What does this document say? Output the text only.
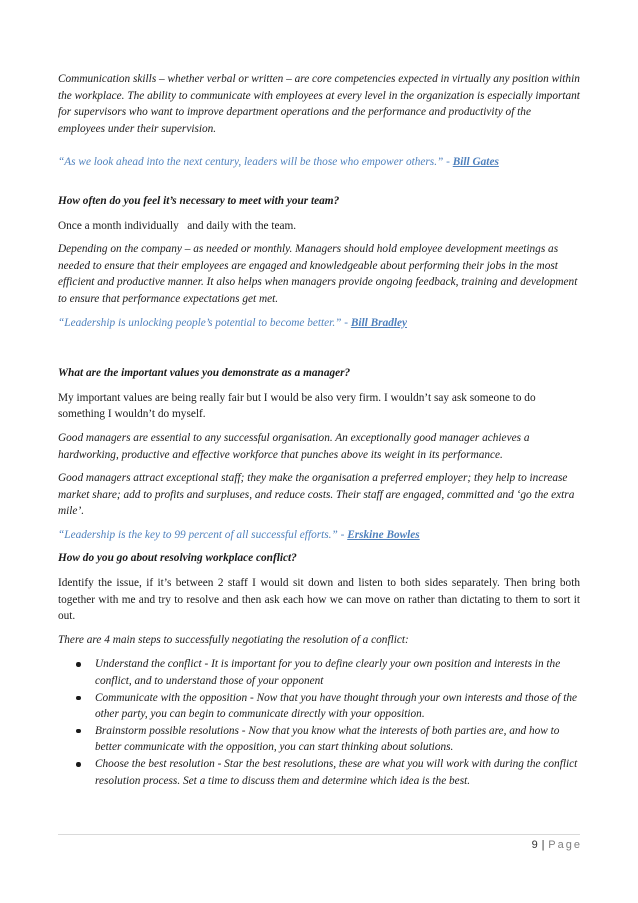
Communication skills – whether verbal or written – are core competencies expected in virtually any position within the workplace. The ability to communicate with employees at every level in the organization is especially important for supervisors who want to improve department operations and the performance and productivity of the employees under their supervision.

“As we look ahead into the next century, leaders will be those who empower others.” - Bill Gates

How often do you feel it’s necessary to meet with your team?

Once a month individually   and daily with the team.

Depending on the company – as needed or monthly. Managers should hold employee development meetings as needed to ensure that their employees are engaged and knowledgeable about performing their jobs in the most efficient and productive manner. It also helps when managers provide ongoing feedback, training and development to ensure that performance expectations get met.

“Leadership is unlocking people’s potential to become better.” - Bill Bradley

What are the important values you demonstrate as a manager?

My important values are being really fair but I would be also very firm. I wouldn’t say ask someone to do something I wouldn’t do myself.

Good managers are essential to any successful organisation. An exceptionally good manager achieves a hardworking, productive and effective workforce that punches above its weight in its performance.

Good managers attract exceptional staff; they make the organisation a preferred employer; they help to increase market share; add to profits and surpluses, and reduce costs. Their staff are engaged, committed and ‘go the extra mile’.

“Leadership is the key to 99 percent of all successful efforts.” - Erskine Bowles

How do you go about resolving workplace conflict?

Identify the issue, if it’s between 2 staff I would sit down and listen to both sides separately. Then bring both together with me and try to resolve and then ask each how we can move on rather than dictating to them to sort it out.

There are 4 main steps to successfully negotiating the resolution of a conflict:

Understand the conflict - It is important for you to define clearly your own position and interests in the conflict, and to understand those of your opponent
Communicate with the opposition - Now that you have thought through your own interests and those of the other party, you can begin to communicate directly with your opposition.
Brainstorm possible resolutions - Now that you know what the interests of both parties are, and how to better communicate with the opposition, you can start thinking about solutions.
Choose the best resolution - Star the best resolutions, these are what you will work with during the conflict resolution process. Set a time to discuss them and determine which idea is the best.
9 | Page
